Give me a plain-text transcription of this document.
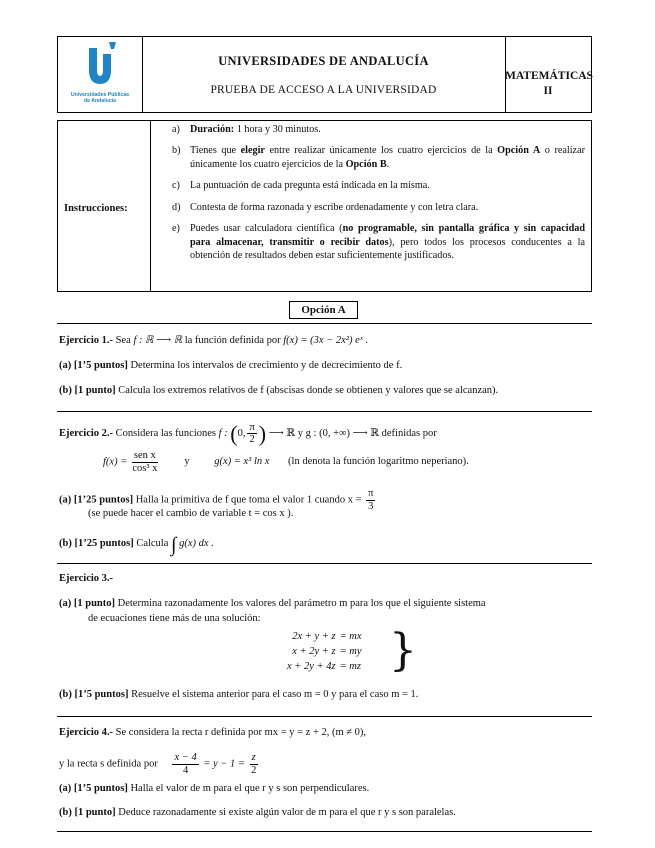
Universidades Públicas
de Andalucía
UNIVERSIDADES DE ANDALUCÍA
PRUEBA DE ACCESO A LA UNIVERSIDAD
MATEMÁTICAS II
Instrucciones:
a) Duración: 1 hora y 30 minutos.
b) Tienes que elegir entre realizar únicamente los cuatro ejercicios de la Opción A o realizar únicamente los cuatro ejercicios de la Opción B.
c) La puntuación de cada pregunta está indicada en la misma.
d) Contesta de forma razonada y escribe ordenadamente y con letra clara.
e) Puedes usar calculadora científica (no programable, sin pantalla gráfica y sin capacidad para almacenar, transmitir o recibir datos), pero todos los procesos conducentes a la obtención de resultados deben estar suficientemente justificados.
Opción A
Ejercicio 1.- Sea f : ℝ ⟶ ℝ la función definida por f(x) = (3x − 2x²) eˣ .
(a) [1’5 puntos] Determina los intervalos de crecimiento y de decrecimiento de f.
(b) [1 punto] Calcula los extremos relativos de f (abscisas donde se obtienen y valores que se alcanzan).
Ejercicio 2.- Considera las funciones f : (0, $\frac{\pi}{2}$ ) ⟶ ℝ y g : (0, +∞) ⟶ ℝ definidas por
$f(x) = \frac{\text{sen x}}{\text{cos³ x}}$	y g(x) = x³ ln x (ln denota la función logaritmo neperiano).
(a) [1’25 puntos] Halla la primitiva de f que toma el valor 1 cuando $x = \frac{\pi}{3}$
(se puede hacer el cambio de variable t = cos x ).
(b) [1’25 puntos] Calcula ∫ g(x) dx .
Ejercicio 3.-
(a) [1 punto] Determina razonadamente los valores del parámetro m para los que el siguiente sistema
de ecuaciones tiene más de una solución:
2x + y + z	= mx
x + 2y + z	= my
x + 2y + 4z	= mz }
(b) [1’5 puntos] Resuelve el sistema anterior para el caso m = 0 y para el caso m = 1.
Ejercicio 4.- Se considera la recta r definida por mx = y = z + 2, (m ≠ 0),
y la recta s definida por $\frac{x - 4}{4} = y - 1 = \frac{z}{2}$
(a) [1’5 puntos] Halla el valor de m para el que r y s son perpendiculares.
(b) [1 punto] Deduce razonadamente si existe algún valor de m para el que r y s son paralelas.
